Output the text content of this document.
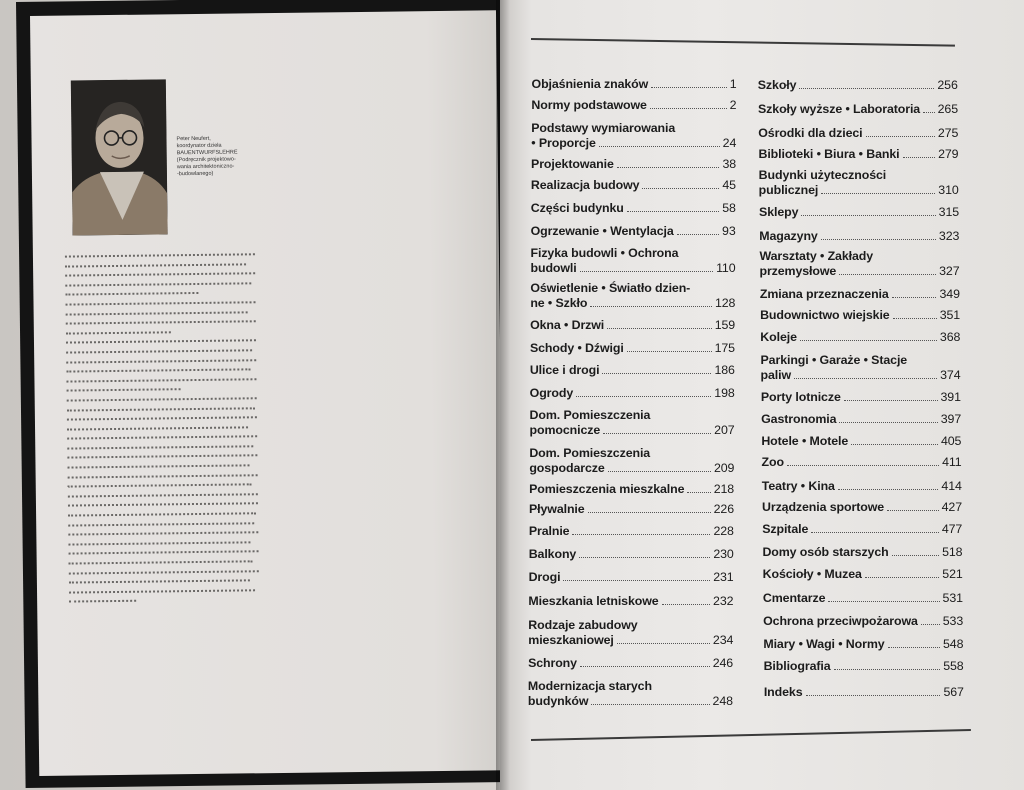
Peter Neufert,
koordynator dzieła
BAUENTWURFSLEHRE
(Podręcznik projektowo-
wania architektoniczno-
-budowlanego)
Objaśnienia znaków	1
Normy podstawowe	2
Podstawy wymiarowania
• Proporcje	24
Projektowanie	38
Realizacja budowy	45
Części budynku	58
Ogrzewanie • Wentylacja	93
Fizyka budowli • Ochrona
budowli	110
Oświetlenie • Światło dzien-
ne • Szkło	128
Okna • Drzwi	159
Schody • Dźwigi	175
Ulice i drogi	186
Ogrody	198
Dom. Pomieszczenia
pomocnicze	207
Dom. Pomieszczenia
gospodarcze	209
Pomieszczenia mieszkalne 218
Pływalnie	226
Pralnie	228
Balkony	230
Drogi	231
Mieszkania letniskowe	232
Rodzaje zabudowy
mieszkaniowej	234
Schrony	246
Modernizacja starych
budynków	248
Szkoły	256
Szkoły wyższe • Laboratoria 265
Ośrodki dla dzieci	275
Biblioteki • Biura • Banki	279
Budynki użyteczności
publicznej	310
Sklepy	315
Magazyny	323
Warsztaty • Zakłady
przemysłowe	327
Zmiana przeznaczenia	349
Budownictwo wiejskie	351
Koleje	368
Parkingi • Garaże • Stacje
paliw	374
Porty lotnicze	391
Gastronomia	397
Hotele • Motele	405
Zoo	411
Teatry • Kina	414
Urządzenia sportowe	427
Szpitale	477
Domy osób starszych	518
Kościoły • Muzea	521
Cmentarze	531
Ochrona przeciwpożarowa 533
Miary • Wagi • Normy	548
Bibliografia	558
Indeks	567
